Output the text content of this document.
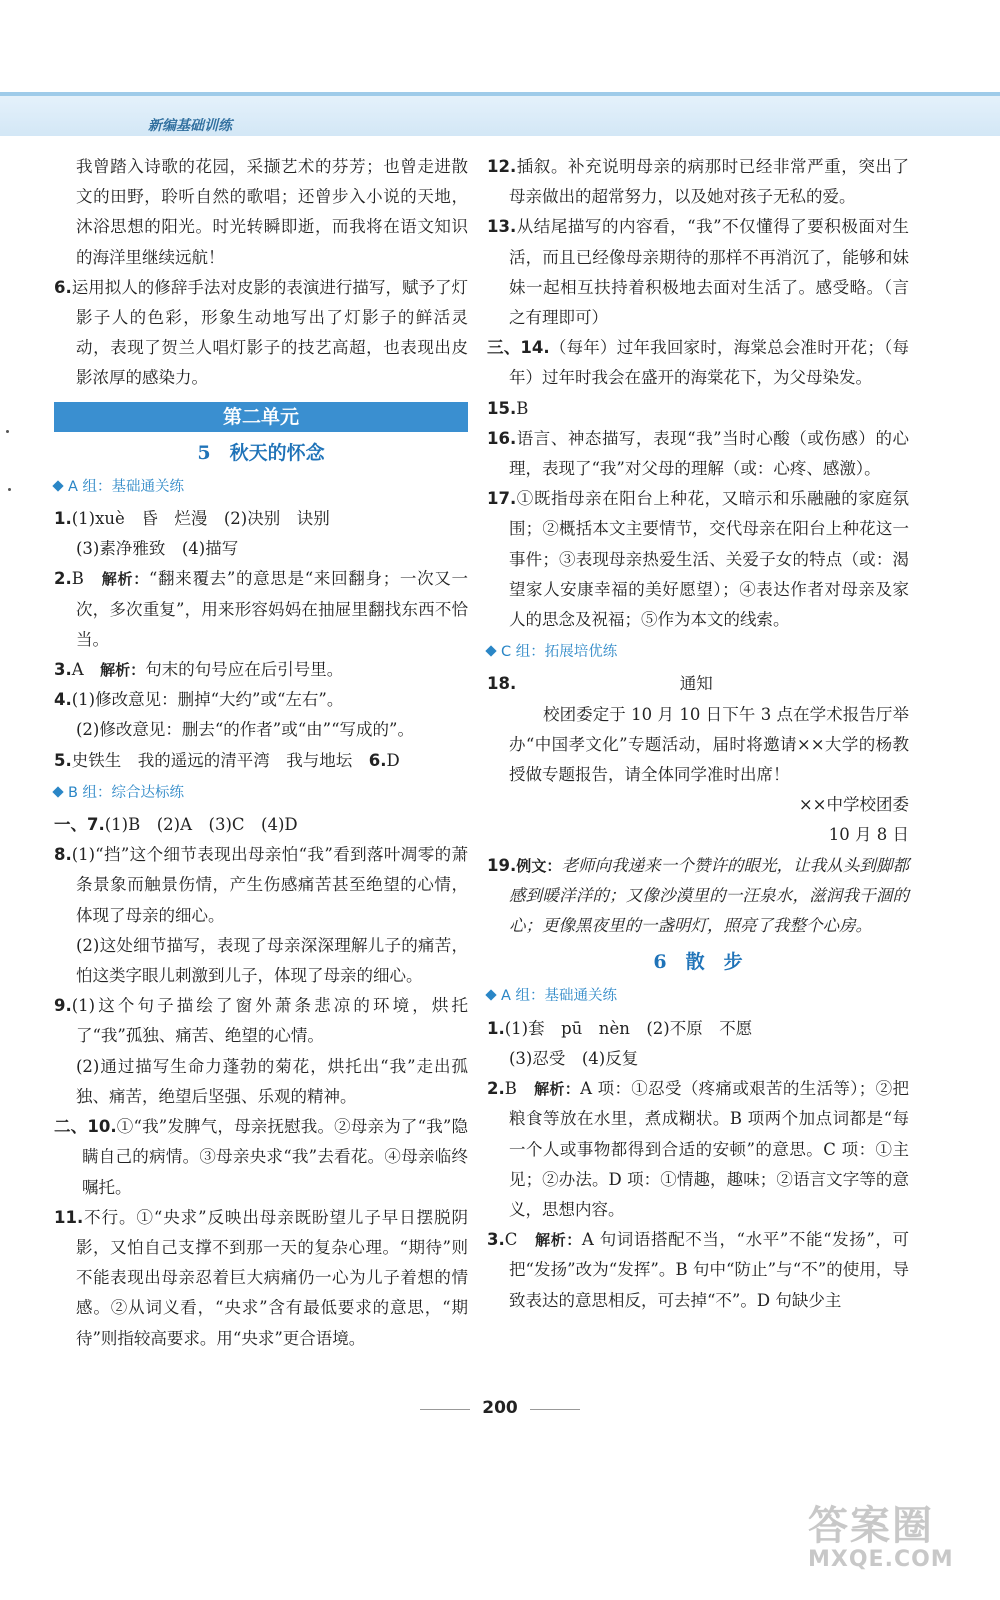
新编基础训练

我曾踏入诗歌的花园，采撷艺术的芬芳；也曾走进散文的田野，聆听自然的歌唱；还曾步入小说的天地，沐浴思想的阳光。时光转瞬即逝，而我将在语文知识的海洋里继续远航！

6.运用拟人的修辞手法对皮影的表演进行描写，赋予了灯影子人的色彩，形象生动地写出了灯影子的鲜活灵动，表现了贺兰人唱灯影子的技艺高超，也表现出皮影浓厚的感染力。

第二单元
5　秋天的怀念
A 组：基础通关练

1.(1)xuè　昏　烂漫　(2)决别　诀别

(3)素净雅致　(4)描写

2.B　 解析：“翻来覆去”的意思是“来回翻身；一次又一次，多次重复”，用来形容妈妈在抽屉里翻找东西不恰当。

3.A　 解析：句末的句号应在后引号里。

4.(1)修改意见：删掉“大约”或“左右”。

(2)修改意见：删去“的作者”或“由”“写成的”。

5.史铁生　我的遥远的清平湾　我与地坛　 6.D

B 组：综合达标练

一、7.(1)B　(2)A　(3)C　(4)D

8.(1)“挡”这个细节表现出母亲怕“我”看到落叶凋零的萧条景象而触景伤情，产生伤感痛苦甚至绝望的心情，体现了母亲的细心。

(2)这处细节描写，表现了母亲深深理解儿子的痛苦，怕这类字眼儿刺激到儿子，体现了母亲的细心。

9.(1)这个句子描绘了窗外萧条悲凉的环境，烘托了“我”孤独、痛苦、绝望的心情。

(2)通过描写生命力蓬勃的菊花，烘托出“我”走出孤独、痛苦，绝望后坚强、乐观的精神。

二、10.①“我”发脾气，母亲抚慰我。②母亲为了“我”隐瞒自己的病情。③母亲央求“我”去看花。④母亲临终嘱托。

11.不行。①“央求”反映出母亲既盼望儿子早日摆脱阴影，又怕自己支撑不到那一天的复杂心理。“期待”则不能表现出母亲忍着巨大病痛仍一心为儿子着想的情感。②从词义看，“央求”含有最低要求的意思，“期待”则指较高要求。用“央求”更合语境。

12.插叙。补充说明母亲的病那时已经非常严重，突出了母亲做出的超常努力，以及她对孩子无私的爱。

13.从结尾描写的内容看，“我”不仅懂得了要积极面对生活，而且已经像母亲期待的那样不再消沉了，能够和妹妹一起相互扶持着积极地去面对生活了。感受略。（言之有理即可）

三、14.（每年）过年我回家时，海棠总会准时开花；（每年）过年时我会在盛开的海棠花下，为父母染发。

15.B

16.语言、神态描写，表现“我”当时心酸（或伤感）的心理，表现了“我”对父母的理解（或：心疼、感激）。

17.①既指母亲在阳台上种花，又暗示和乐融融的家庭氛围；②概括本文主要情节，交代母亲在阳台上种花这一事件；③表现母亲热爱生活、关爱子女的特点（或：渴望家人安康幸福的美好愿望）；④表达作者对母亲及家人的思念及祝福；⑤作为本文的线索。

C 组：拓展培优练

18.	通知

校团委定于 10 月 10 日下午 3 点在学术报告厅举办“中国孝文化”专题活动，届时将邀请××大学的杨教授做专题报告，请全体同学准时出席！

××中学校团委

10 月 8 日

19.例文：老师向我递来一个赞许的眼光，让我从头到脚都感到暖洋洋的；又像沙漠里的一汪泉水，滋润我干涸的心；更像黑夜里的一盏明灯，照亮了我整个心房。

6　散　步
A 组：基础通关练

1.(1)套　pū　nèn　(2)不原　不愿

(3)忍受　(4)反复

2.B　 解析：A 项：①忍受（疼痛或艰苦的生活等）；②把粮食等放在水里，煮成糊状。B 项两个加点词都是“每一个人或事物都得到合适的安顿”的意思。C 项：①主见；②办法。D 项：①情趣，趣味；②语言文字等的意义，思想内容。

3.C　 解析：A 句词语搭配不当，“水平”不能“发扬”，可把“发扬”改为“发挥”。B 句中“防止”与“不”的使用，导致表达的意思相反，可去掉“不”。D 句缺少主

200
答案圈
MXQE.COM
